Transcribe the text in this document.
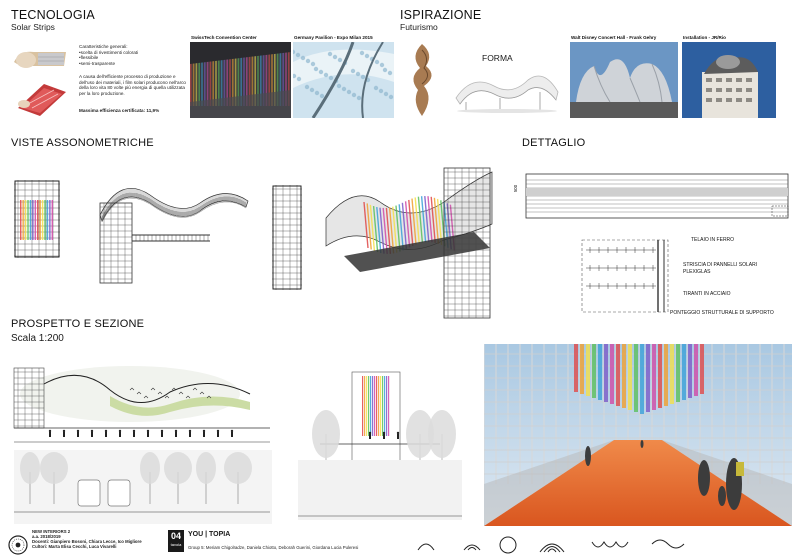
TECNOLOGIA
Solar Strips
Caratteristiche generali:
•scelta di rivestimenti colorati
•flessibile
•semi-trasparente
A causa dell'efficiente processo di produzione e dell'uso dei materiali, i film solari producono nell'arco della loro vita 80 volte più energia di quella utilizzata per la loro produzione.
Massima efficienza certificata: 11,9%
SwissTech Convention Center	Germany Pavilion - Expo Milan 2015
ISPIRAZIONE
Futurismo
FORMA
Walt Disney Concert Hall - Frank Gehry	Installation - JR/Rio
VISTE ASSONOMETRICHE	DETTAGLIO
500
TELAIO IN FERRO
STRISCIA DI PANNELLI SOLARI
PLEXIGLAS
TIRANTI IN ACCIAIO
PONTEGGIO STRUTTURALE DI SUPPORTO
PROSPETTO E SEZIONE
Scala 1:200
NEW INTERIORS 2
a.a. 2018/2019
Docenti: Gianpiero Bosoni, Chiara Lecce, Ico Migliore
Cultori: Marta Elisa Cecchi, Luca Vivarelli
04
tavola
YOU | TOPIA
Group 5: Meriam Chigolradze, Daniela Chiotto, Deborah Guerini, Giordana Lucia Puleresi
